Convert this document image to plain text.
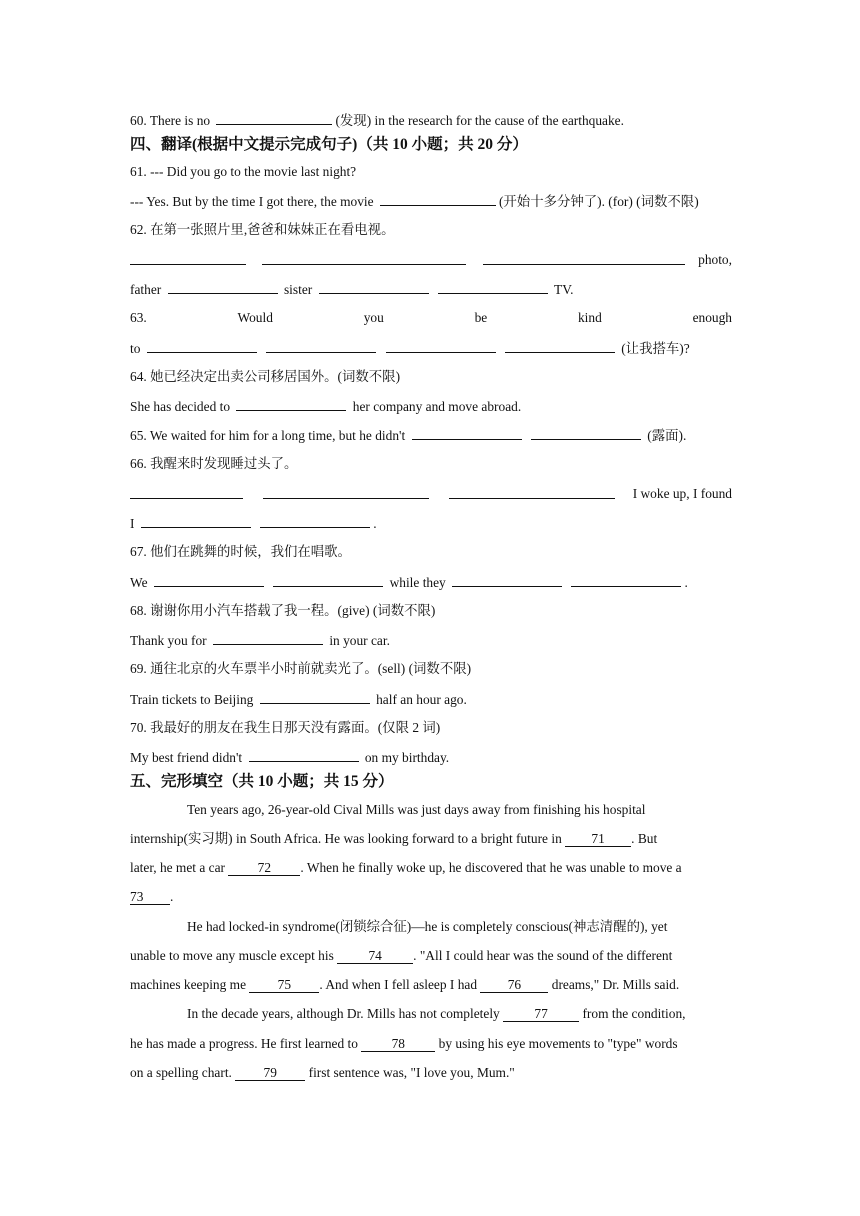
60. There is no	(发现) in the research for the cause of the earthquake.
四、翻译(根据中文提示完成句子)（共 10 小题；共 20 分）
61. --- Did you go to the movie last night?
--- Yes. But by the time I got there, the movie	(开始十多分钟了). (for) (词数不限)
62. 在第一张照片里,爸爸和妹妹正在看电视。
photo,
father	sister	TV.
63.	Would	you	be	kind	enough
to	(让我搭车)?
64. 她已经决定出卖公司移居国外。(词数不限)
She has decided to	her company and move abroad.
65. We waited for him for a long time, but he didn't	(露面).
66. 我醒来时发现睡过头了。
I woke up, I found
I	.
67. 他们在跳舞的时候，我们在唱歌。
We	while they	.
68. 谢谢你用小汽车搭载了我一程。(give) (词数不限)
Thank you for	in your car.
69. 通往北京的火车票半小时前就卖光了。(sell) (词数不限)
Train tickets to Beijing	half an hour ago.
70. 我最好的朋友在我生日那天没有露面。(仅限 2 词)
My best friend didn't	on my birthday.
五、完形填空（共 10 小题；共 15 分）
Ten years ago, 26-year-old Cival Mills was just days away from finishing his hospital
internship(实习期) in South Africa. He was looking forward to a bright future in 71 . But
later, he met a car 72 . When he finally woke up, he discovered that he was unable to move a
73 .
He had locked-in syndrome(闭锁综合征)—he is completely conscious(神志清醒的), yet
unable to move any muscle except his	74 . "All I could hear was the sound of the different
machines keeping me 75 . And when I fell asleep I had 76 dreams," Dr. Mills said.
In the decade years, although Dr. Mills has not completely	77	from the condition,
he has made a progress. He first learned to	78	by using his eye movements to "type" words
on a spelling chart. 79 first sentence was, "I love you, Mum."
